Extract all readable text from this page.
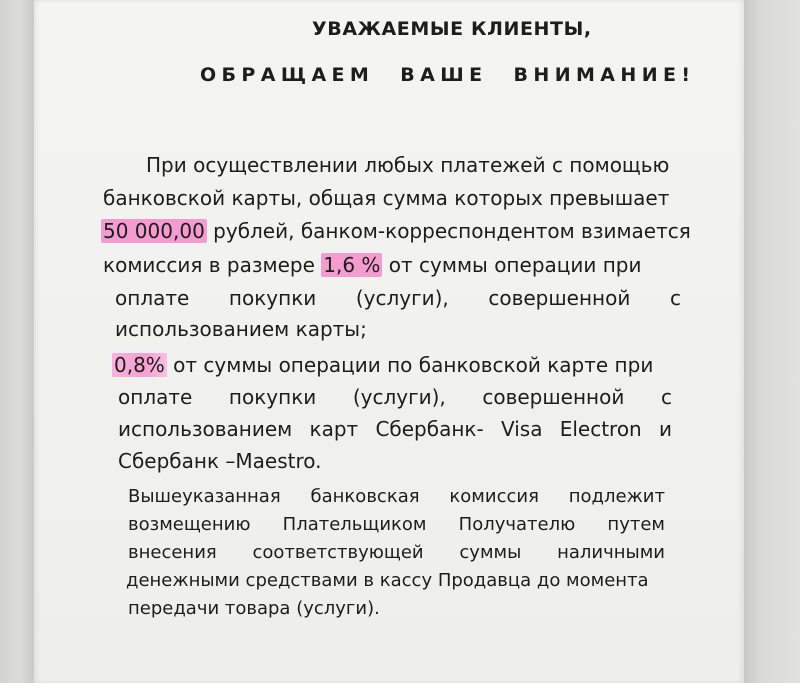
УВАЖАЕМЫЕ КЛИЕНТЫ,
ОБРАЩАЕМ ВАШЕ ВНИМАНИЕ!
При осуществлении любых платежей с помощью
банковской карты, общая сумма которых превышает
50 000,00 рублей, банком-корреспондентом взимается
комиссия в размере 1,6 % от суммы операции при
оплате покупки (услуги), совершенной с
использованием карты;
0,8% от суммы операции по банковской карте при
оплате покупки (услуги), совершенной с
использованием карт Сбербанк- Visa Electron и
Сбербанк –Maestro.
Вышеуказанная банковская комиссия подлежит
возмещению Плательщиком Получателю путем
внесения соответствующей суммы наличными
денежными средствами в кассу Продавца до момента
передачи товара (услуги).
